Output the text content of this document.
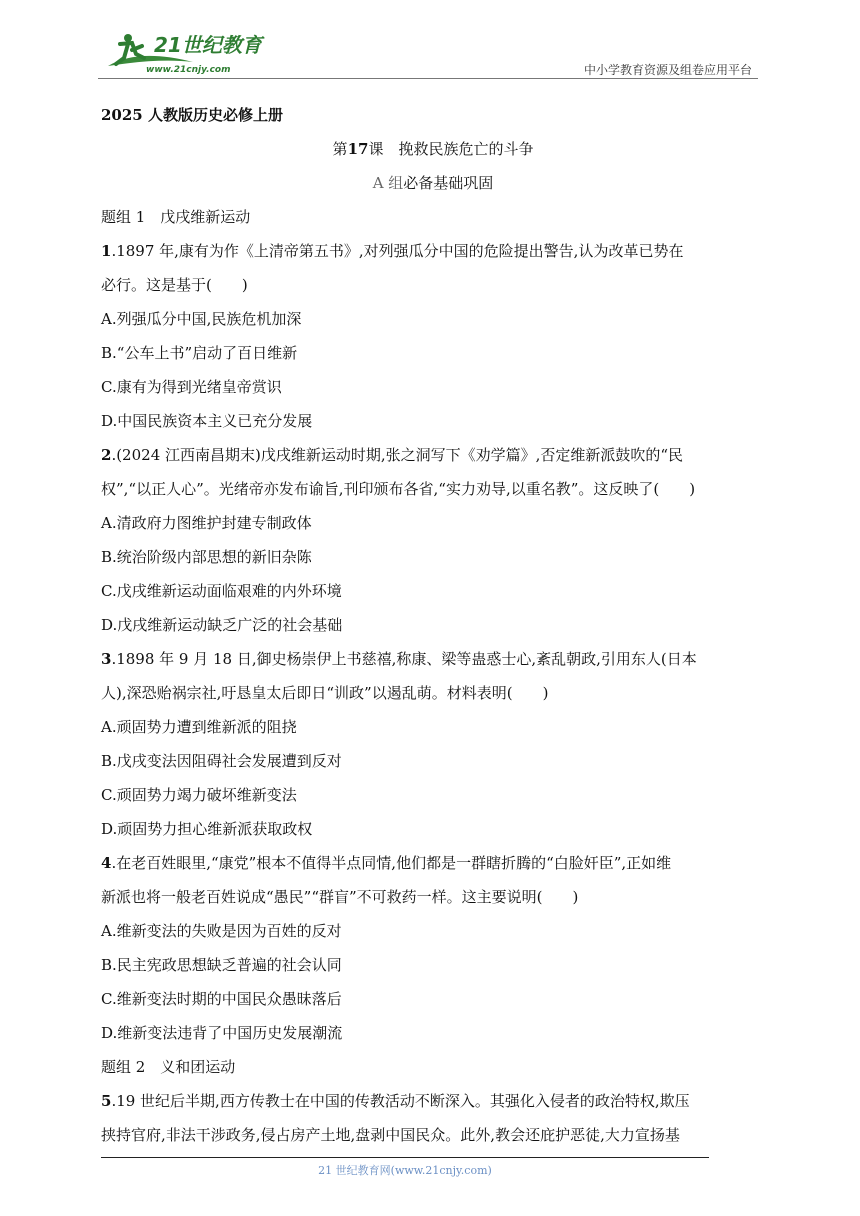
21世纪教育
www.21cnjy.com	中小学教育资源及组卷应用平台
2025 人教版历史必修上册
第17课　挽救民族危亡的斗争
A 组必备基础巩固
题组 1　戊戌维新运动
1.1897 年,康有为作《上清帝第五书》,对列强瓜分中国的危险提出警告,认为改革已势在
必行。这是基于(　　)
A.列强瓜分中国,民族危机加深
B.“公车上书”启动了百日维新
C.康有为得到光绪皇帝赏识
D.中国民族资本主义已充分发展
2.(2024 江西南昌期末)戊戌维新运动时期,张之洞写下《劝学篇》,否定维新派鼓吹的“民
权”,“以正人心”。光绪帝亦发布谕旨,刊印颁布各省,“实力劝导,以重名教”。这反映了(　　)
A.清政府力图维护封建专制政体
B.统治阶级内部思想的新旧杂陈
C.戊戌维新运动面临艰难的内外环境
D.戊戌维新运动缺乏广泛的社会基础
3.1898 年 9 月 18 日,御史杨崇伊上书慈禧,称康、梁等蛊惑士心,紊乱朝政,引用东人(日本
人),深恐贻祸宗社,吁恳皇太后即日“训政”以遏乱萌。材料表明(　　)
A.顽固势力遭到维新派的阻挠
B.戊戌变法因阻碍社会发展遭到反对
C.顽固势力竭力破坏维新变法
D.顽固势力担心维新派获取政权
4.在老百姓眼里,“康党”根本不值得半点同情,他们都是一群瞎折腾的“白脸奸臣”,正如维
新派也将一般老百姓说成“愚民”“群盲”不可救药一样。这主要说明(　　)
A.维新变法的失败是因为百姓的反对
B.民主宪政思想缺乏普遍的社会认同
C.维新变法时期的中国民众愚昧落后
D.维新变法违背了中国历史发展潮流
题组 2　义和团运动
5.19 世纪后半期,西方传教士在中国的传教活动不断深入。其强化入侵者的政治特权,欺压
挟持官府,非法干涉政务,侵占房产土地,盘剥中国民众。此外,教会还庇护恶徒,大力宣扬基
21 世纪教育网(www.21cnjy.com)
